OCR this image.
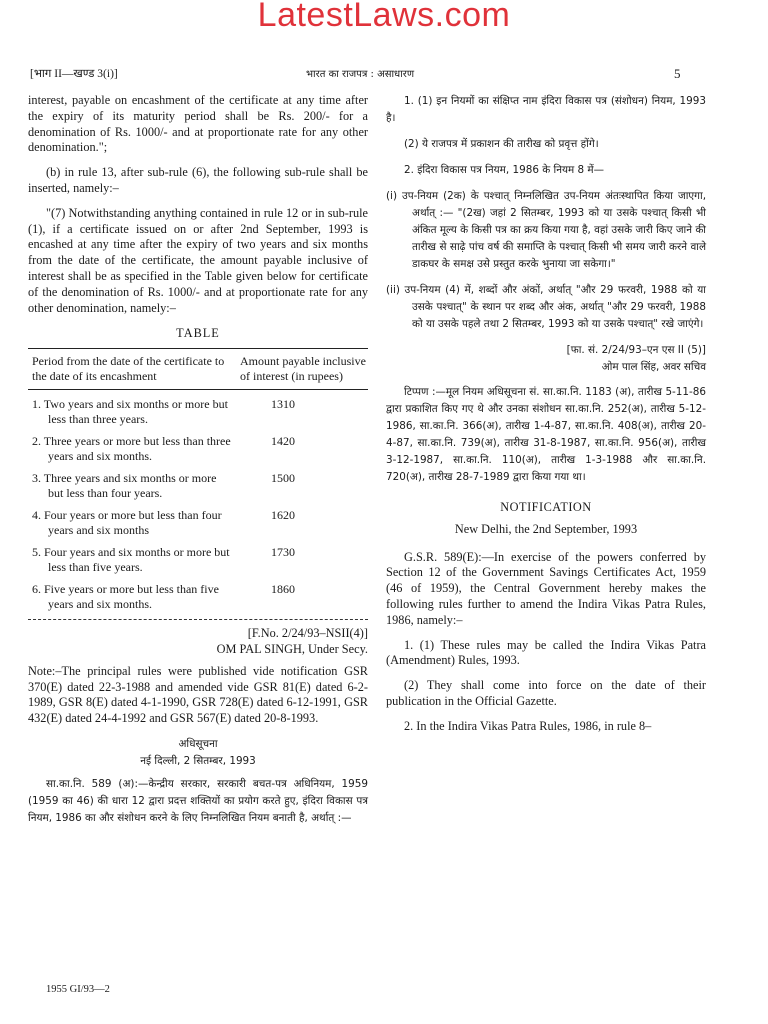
LatestLaws.com
[भाग II—खण्ड 3(i)]	भारत का राजपत्र : असाधारण	5

interest, payable on encashment of the certificate at any time after the expiry of its maturity period shall be Rs. 200/- for a denomination of Rs. 1000/- and at proportionate rate for any other denomination.";

(b) in rule 13, after sub-rule (6), the following sub-rule shall be inserted, namely:–

"(7) Notwithstanding anything contained in rule 12 or in sub-rule (1), if a certificate issued on or after 2nd September, 1993 is encashed at any time after the expiry of two years and six months from the date of the certificate, the amount payable inclusive of interest shall be as specified in the Table given below for certificate of the denomination of Rs. 1000/- and at proportionate rate for any other denomination, namely:–

TABLE
Period from the date of the certificate to the date of its encashment	Amount payable inclusive of interest (in rupees)

1. Two years and six months or more but less than three years.	1310
2. Three years or more but less than three years and six months.	1420
3. Three years and six months or more but less than four years.	1500
4. Four years or more but less than four years and six months	1620
5. Four years and six months or more but less than five years.	1730
6. Five years or more but less than five years and six months.	1860
[F.No. 2/24/93–NSII(4)]
OM PAL SINGH, Under Secy.

Note:–The principal rules were published vide notification GSR 370(E) dated 22-3-1988 and amended vide GSR 81(E) dated 6-2-1989, GSR 8(E) dated 4-1-1990, GSR 728(E) dated 6-12-1991, GSR 432(E) dated 24-4-1992 and GSR 567(E) dated 20-8-1993.

अधिसूचना
नई दिल्ली, 2 सितम्बर, 1993

सा.का.नि. 589 (अ):—केन्द्रीय सरकार, सरकारी बचत-पत्र अधिनियम, 1959 (1959 का 46) की धारा 12 द्वारा प्रदत्त शक्तियों का प्रयोग करते हुए, इंदिरा विकास पत्र नियम, 1986 का और संशोधन करने के लिए निम्नलिखित नियम बनाती है, अर्थात् :—

1955 GI/93—2

1. (1) इन नियमों का संक्षिप्त नाम इंदिरा विकास पत्र (संशोधन) नियम, 1993 है।

(2) ये राजपत्र में प्रकाशन की तारीख को प्रवृत्त होंगे।

2. इंदिरा विकास पत्र नियम, 1986 के नियम 8 में—

(i) उप-नियम (2क) के पश्चात् निम्नलिखित उप-नियम अंतःस्थापित किया जाएगा, अर्थात् :— "(2ख) जहां 2 सितम्बर, 1993 को या उसके पश्चात् किसी भी अंकित मूल्य के किसी पत्र का क्रय किया गया है, वहां उसके जारी किए जाने की तारीख से साढ़े पांच वर्ष की समाप्ति के पश्चात् किसी भी समय जारी करने वाले डाकघर के समक्ष उसे प्रस्तुत करके भुनाया जा सकेगा।"

(ii) उप-नियम (4) में, शब्दों और अंकों, अर्थात् "और 29 फरवरी, 1988 को या उसके पश्चात्" के स्थान पर शब्द और अंक, अर्थात् "और 29 फरवरी, 1988 को या उसके पहले तथा 2 सितम्बर, 1993 को या उसके पश्चात्" रखे जाएंगे।

[फा. सं. 2/24/93–एन एस II (5)]
ओम पाल सिंह, अवर सचिव

टिप्पण :—मूल नियम अधिसूचना सं. सा.का.नि. 1183 (अ), तारीख 5-11-86 द्वारा प्रकाशित किए गए थे और उनका संशोधन सा.का.नि. 252(अ), तारीख 5-12-1986, सा.का.नि. 366(अ), तारीख 1-4-87, सा.का.नि. 408(अ), तारीख 20-4-87, सा.का.नि. 739(अ), तारीख 31-8-1987, सा.का.नि. 956(अ), तारीख 3-12-1987, सा.का.नि. 110(अ), तारीख 1-3-1988 और सा.का.नि. 720(अ), तारीख 28-7-1989 द्वारा किया गया था।

NOTIFICATION
New Delhi, the 2nd September, 1993

G.S.R. 589(E):—In exercise of the powers conferred by Section 12 of the Government Savings Certificates Act, 1959 (46 of 1959), the Central Government hereby makes the following rules further to amend the Indira Vikas Patra Rules, 1986, namely:–

1. (1) These rules may be called the Indira Vikas Patra (Amendment) Rules, 1993.

(2) They shall come into force on the date of their publication in the Official Gazette.

2. In the Indira Vikas Patra Rules, 1986, in rule 8–
